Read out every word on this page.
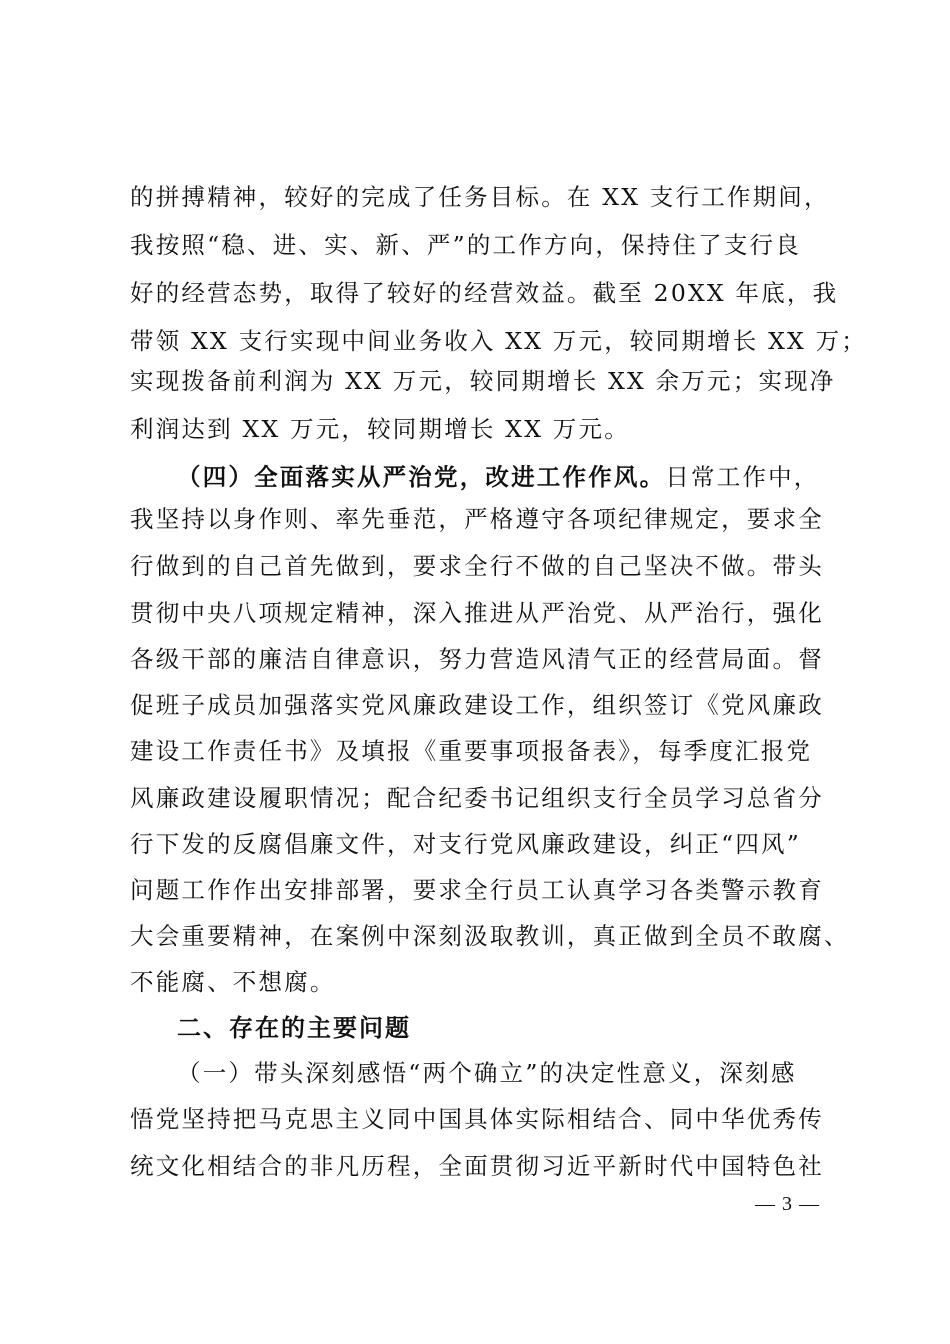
的拼搏精神，较好的完成了任务目标。在 XX 支行工作期间，
我按照“稳、进、实、新、严”的工作方向，保持住了支行良
好的经营态势，取得了较好的经营效益。截至 20XX 年底，我
带领 XX 支行实现中间业务收入 XX 万元，较同期增长 XX 万；
实现拨备前利润为 XX 万元，较同期增长 XX 余万元；实现净
利润达到 XX 万元，较同期增长 XX 万元。
（四）全面落实从严治党，改进工作作风。日常工作中，
我坚持以身作则、率先垂范，严格遵守各项纪律规定，要求全
行做到的自己首先做到，要求全行不做的自己坚决不做。带头
贯彻中央八项规定精神，深入推进从严治党、从严治行，强化
各级干部的廉洁自律意识，努力营造风清气正的经营局面。督
促班子成员加强落实党风廉政建设工作，组织签订《党风廉政
建设工作责任书》及填报《重要事项报备表》，每季度汇报党
风廉政建设履职情况；配合纪委书记组织支行全员学习总省分
行下发的反腐倡廉文件，对支行党风廉政建设，纠正“四风”
问题工作作出安排部署，要求全行员工认真学习各类警示教育
大会重要精神，在案例中深刻汲取教训，真正做到全员不敢腐、
不能腐、不想腐。
二、存在的主要问题
（一）带头深刻感悟“两个确立”的决定性意义，深刻感
悟党坚持把马克思主义同中国具体实际相结合、同中华优秀传
统文化相结合的非凡历程，全面贯彻习近平新时代中国特色社
— 3 —
